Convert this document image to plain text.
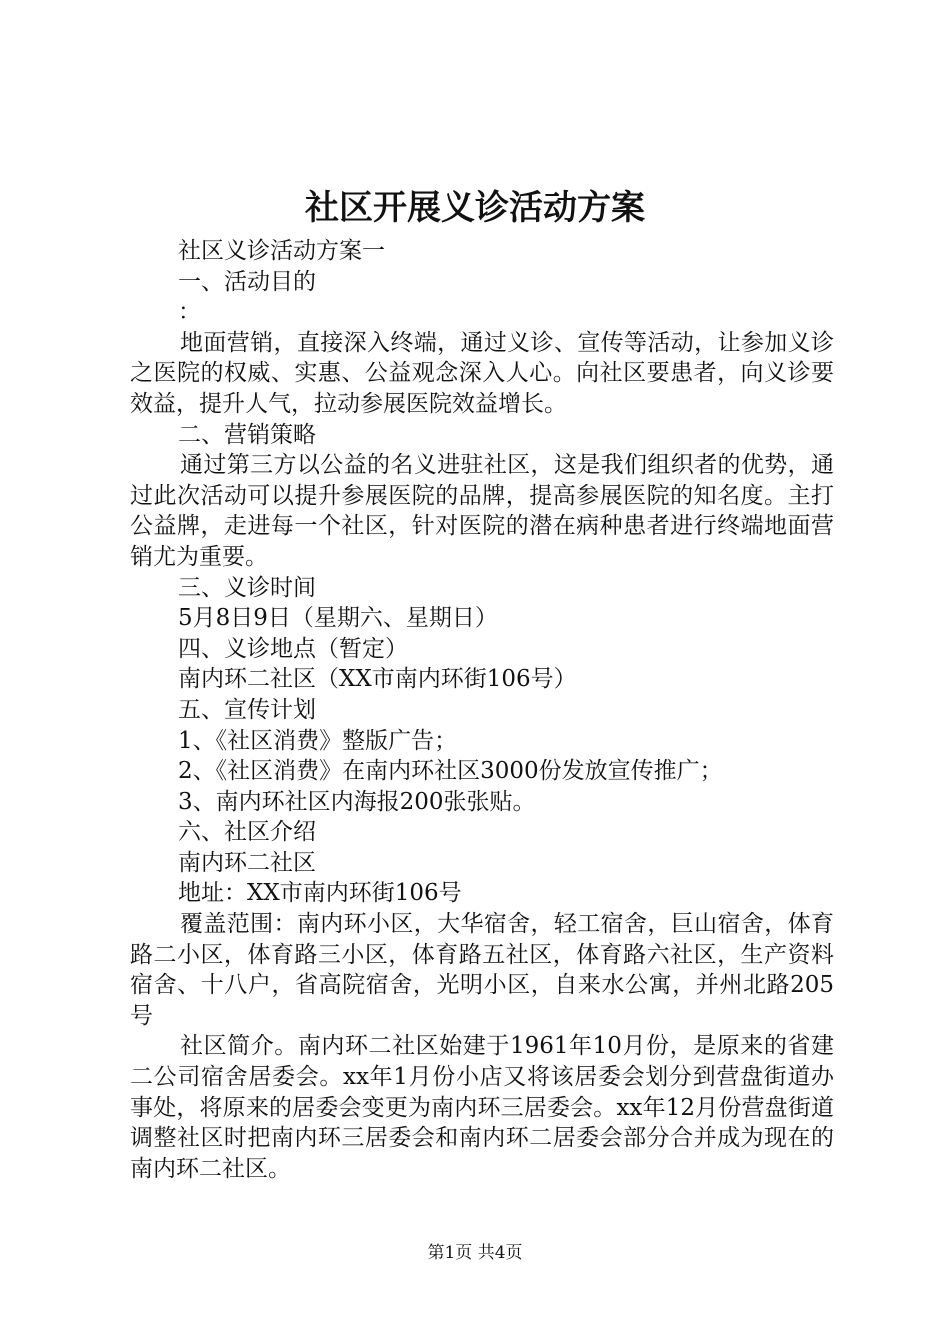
社区开展义诊活动方案
社区义诊活动方案一
一、活动目的
：
地面营销，直接深入终端，通过义诊、宣传等活动，让参加义诊之医院的权威、实惠、公益观念深入人心。向社区要患者，向义诊要效益，提升人气，拉动参展医院效益增长。
二、营销策略
通过第三方以公益的名义进驻社区，这是我们组织者的优势，通过此次活动可以提升参展医院的品牌，提高参展医院的知名度。主打公益牌，走进每一个社区，针对医院的潜在病种患者进行终端地面营销尤为重要。
三、义诊时间
5月8日9日（星期六、星期日）
四、义诊地点（暂定）
南内环二社区（XX市南内环街106号）
五、宣传计划
1、《社区消费》整版广告；
2、《社区消费》在南内环社区3000份发放宣传推广；
3、南内环社区内海报200张张贴。
六、社区介绍
南内环二社区
地址：XX市南内环街106号
覆盖范围：南内环小区，大华宿舍，轻工宿舍，巨山宿舍，体育路二小区，体育路三小区，体育路五社区，体育路六社区，生产资料宿舍、十八户，省高院宿舍，光明小区，自来水公寓，并州北路205号
社区简介。南内环二社区始建于1961年10月份，是原来的省建二公司宿舍居委会。xx年1月份小店又将该居委会划分到营盘街道办事处，将原来的居委会变更为南内环三居委会。xx年12月份营盘街道调整社区时把南内环三居委会和南内环二居委会部分合并成为现在的南内环二社区。
第1页 共4页
